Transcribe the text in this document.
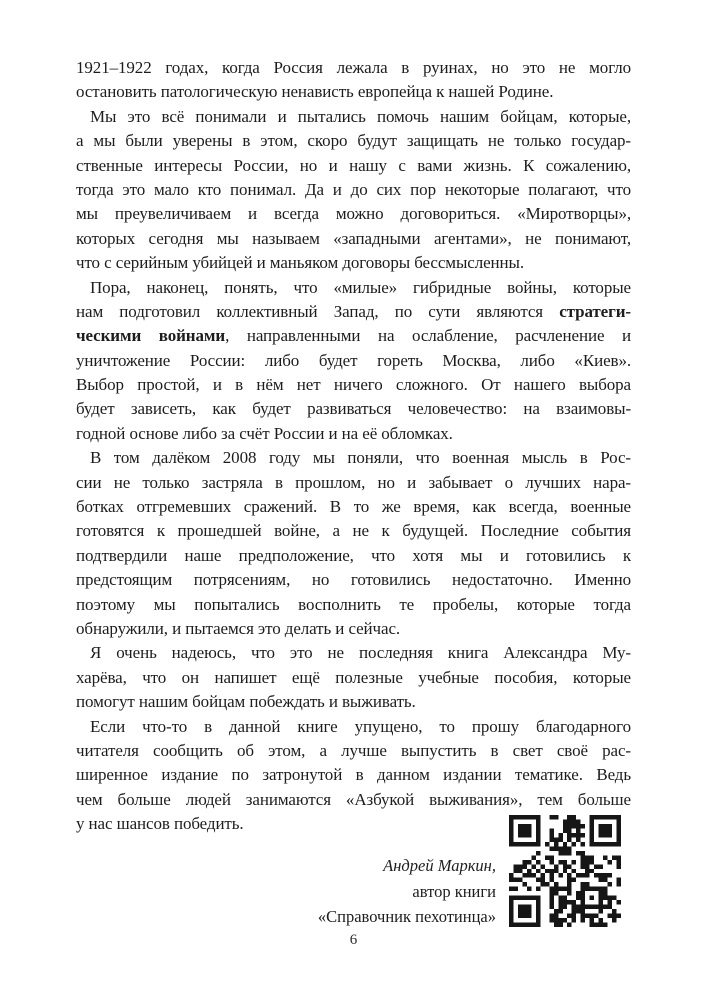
1921–1922 годах, когда Россия лежала в руинах, но это не могло
остановить патологическую ненависть европейца к нашей Родине.
Мы это всё понимали и пытались помочь нашим бойцам, которые,
а мы были уверены в этом, скоро будут защищать не только государ-
ственные интересы России, но и нашу с вами жизнь. К сожалению,
тогда это мало кто понимал. Да и до сих пор некоторые полагают, что
мы преувеличиваем и всегда можно договориться. «Миротворцы»,
которых сегодня мы называем «западными агентами», не понимают,
что с серийным убийцей и маньяком договоры бессмысленны.
Пора, наконец, понять, что «милые» гибридные войны, которые
нам подготовил коллективный Запад, по сути являются стратеги-
ческими войнами, направленными на ослабление, расчленение и
уничтожение России: либо будет гореть Москва, либо «Киев».
Выбор простой, и в нём нет ничего сложного. От нашего выбора
будет зависеть, как будет развиваться человечество: на взаимовы-
годной основе либо за счёт России и на её обломках.
В том далёком 2008 году мы поняли, что военная мысль в Рос-
сии не только застряла в прошлом, но и забывает о лучших нара-
ботках отгремевших сражений. В то же время, как всегда, военные
готовятся к прошедшей войне, а не к будущей. Последние события
подтвердили наше предположение, что хотя мы и готовились к
предстоящим потрясениям, но готовились недостаточно. Именно
поэтому мы попытались восполнить те пробелы, которые тогда
обнаружили, и пытаемся это делать и сейчас.
Я очень надеюсь, что это не последняя книга Александра Му-
харёва, что он напишет ещё полезные учебные пособия, которые
помогут нашим бойцам побеждать и выживать.
Если что-то в данной книге упущено, то прошу благодарного
читателя сообщить об этом, а лучше выпустить в свет своё рас-
ширенное издание по затронутой в данном издании тематике. Ведь
чем больше людей занимаются «Азбукой выживания», тем больше
у нас шансов победить.
Андрей Маркин,
автор книги
«Справочник пехотинца»
6
